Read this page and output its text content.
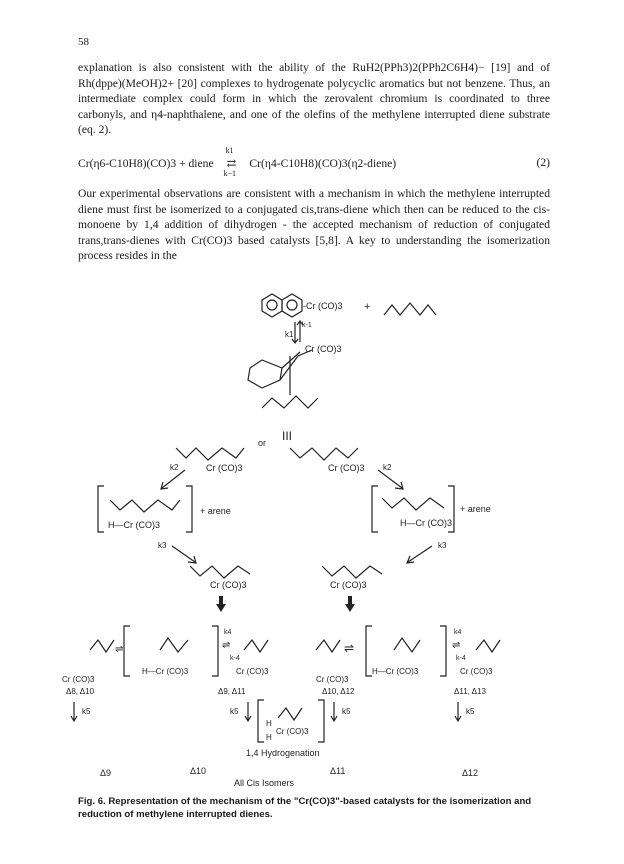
58

explanation is also consistent with the ability of the RuH2(PPh3)2(PPh2C6H4)− [19] and of Rh(dppe)(MeOH)2+ [20] complexes to hydrogenate polycyclic aromatics but not benzene. Thus, an intermediate complex could form in which the zerovalent chromium is coordinated to three carbonyls, and η4-naphthalene, and one of the olefins of the methylene interrupted diene substrate (eq. 2).

Cr(η6-C10H8)(CO)3 + diene
k1
⇄
k−1
Cr(η4-C10H8)(CO)3(η2-diene)	(2)

Our experimental observations are consistent with a mechanism in which the methylene interrupted diene must first be isomerized to a conjugated cis,trans-diene which then can be reduced to the cis-monoene by 1,4 addition of dihydrogen - the accepted mechanism of reduction of conjugated trans,trans-dienes with Cr(CO)3 based catalysts [5,8]. A key to understanding the isomerization process resides in the

-Cr (CO)3 +
k1
k-1
Cr (CO)3
III
or
Cr (CO)3	Cr (CO)3
k2	k2
H—Cr (CO)3
+ arene
H—Cr (CO)3
+ arene
k3	k3
Cr (CO)3	Cr (CO)3
⇌
H—Cr (CO)3
k4
⇌
k-4
Cr (CO)3
Cr (CO)3
Δ8, Δ10	Δ9, Δ11
⇌
H—Cr (CO)3
k4
⇌
k-4
Cr (CO)3
Cr (CO)3
Δ10, Δ12	Δ11, Δ13
k5	k5	k5	k5
H
H
Cr (CO)3
1,4 Hydrogenation
Δ9	Δ10
All Cis Isomers
Δ11	Δ12
Fig. 6. Representation of the mechanism of the "Cr(CO)3"-based catalysts for the isomerization and reduction of methylene interrupted dienes.
